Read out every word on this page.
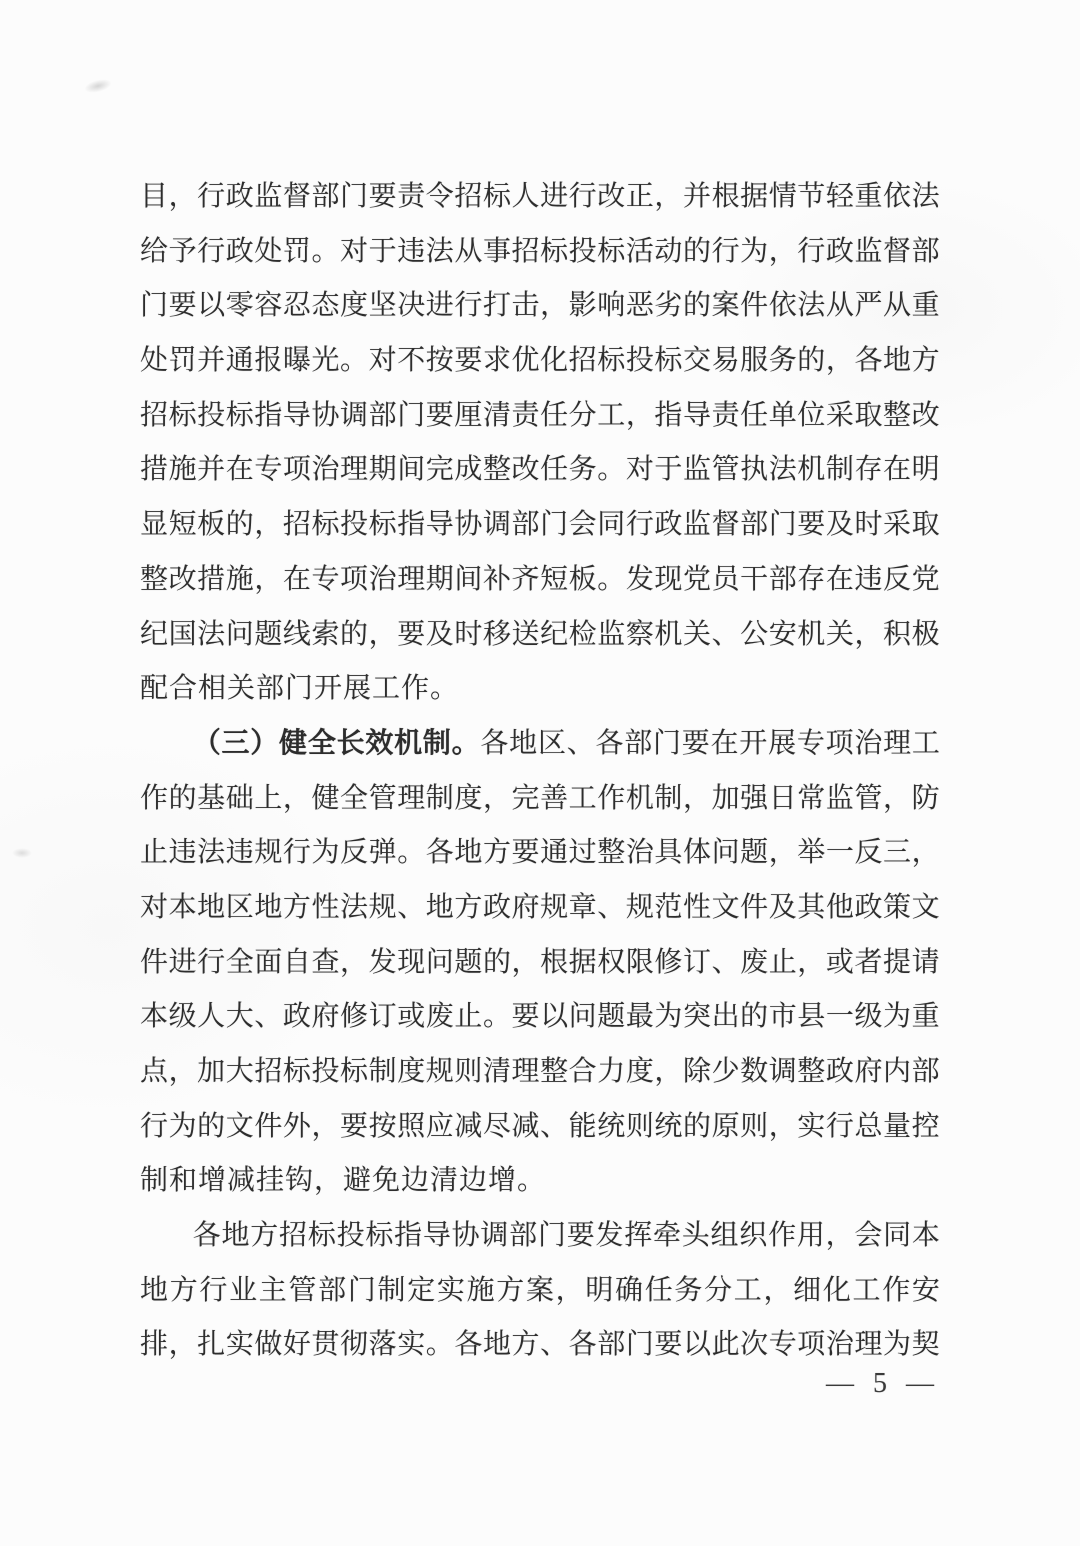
目 ， 行 政 监 督 部 门 要 责 令 招 标 人 进 行 改 正 ， 并 根 据 情 节 轻 重 依 法
给 予 行 政 处 罚 。 对 于 违 法 从 事 招 标 投 标 活 动 的 行 为 ， 行 政 监 督 部
门 要 以 零 容 忍 态 度 坚 决 进 行 打 击 ， 影 响 恶 劣 的 案 件 依 法 从 严 从 重
处 罚 并 通 报 曝 光 。 对 不 按 要 求 优 化 招 标 投 标 交 易 服 务 的 ， 各 地 方
招 标 投 标 指 导 协 调 部 门 要 厘 清 责 任 分 工 ， 指 导 责 任 单 位 采 取 整 改
措 施 并 在 专 项 治 理 期 间 完 成 整 改 任 务 。 对 于 监 管 执 法 机 制 存 在 明
显 短 板 的 ， 招 标 投 标 指 导 协 调 部 门 会 同 行 政 监 督 部 门 要 及 时 采 取
整 改 措 施 ， 在 专 项 治 理 期 间 补 齐 短 板 。 发 现 党 员 干 部 存 在 违 反 党
纪 国 法 问 题 线 索 的 ， 要 及 时 移 送 纪 检 监 察 机 关 、 公 安 机 关 ， 积 极
配合相关部门开展工作。
（ 三 ） 健 全 长 效 机 制 。 各 地 区 、 各 部 门 要 在 开 展 专 项 治 理 工
作 的 基 础 上 ， 健 全 管 理 制 度 ， 完 善 工 作 机 制 ， 加 强 日 常 监 管 ， 防
止 违 法 违 规 行 为 反 弹 。 各 地 方 要 通 过 整 治 具 体 问 题 ， 举 一 反 三 ，
对 本 地 区 地 方 性 法 规 、 地 方 政 府 规 章 、 规 范 性 文 件 及 其 他 政 策 文
件 进 行 全 面 自 查 ， 发 现 问 题 的 ， 根 据 权 限 修 订 、 废 止 ， 或 者 提 请
本 级 人 大 、 政 府 修 订 或 废 止 。 要 以 问 题 最 为 突 出 的 市 县 一 级 为 重
点 ， 加 大 招 标 投 标 制 度 规 则 清 理 整 合 力 度 ， 除 少 数 调 整 政 府 内 部
行 为 的 文 件 外 ， 要 按 照 应 减 尽 减 、 能 统 则 统 的 原 则 ， 实 行 总 量 控
制和增减挂钩，避免边清边增。
各 地 方 招 标 投 标 指 导 协 调 部 门 要 发 挥 牵 头 组 织 作 用 ， 会 同 本
地 方 行 业 主 管 部 门 制 定 实 施 方 案 ， 明 确 任 务 分 工 ， 细 化 工 作 安
排 ， 扎 实 做 好 贯 彻 落 实 。 各 地 方 、 各 部 门 要 以 此 次 专 项 治 理 为 契
— 5 —
